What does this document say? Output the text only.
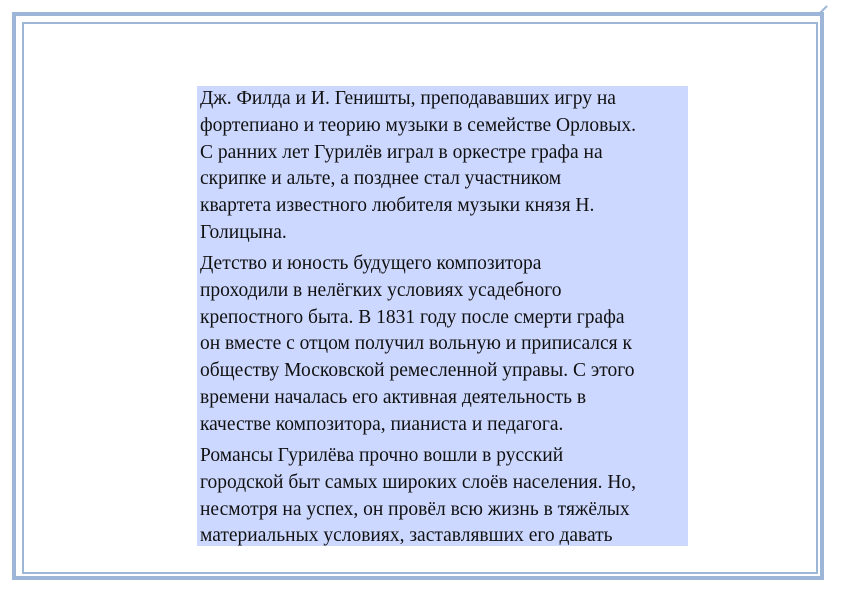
Дж. Филда и И. Геништы, преподававших игру на
фортепиано и теорию музыки в семействе Орловых.
С ранних лет Гурилёв играл в оркестре графа на
скрипке и альте, а позднее стал участником
квартета известного любителя музыки князя Н.
Голицына.
Детство и юность будущего композитора
проходили в нелёгких условиях усадебного
крепостного быта. В 1831 году после смерти графа
он вместе с отцом получил вольную и приписался к
обществу Московской ремесленной управы. С этого
времени началась его активная деятельность в
качестве композитора, пианиста и педагога.
Романсы Гурилёва прочно вошли в русский
городской быт самых широких слоёв населения. Но,
несмотря на успех, он провёл всю жизнь в тяжёлых
материальных условиях, заставлявших его давать
